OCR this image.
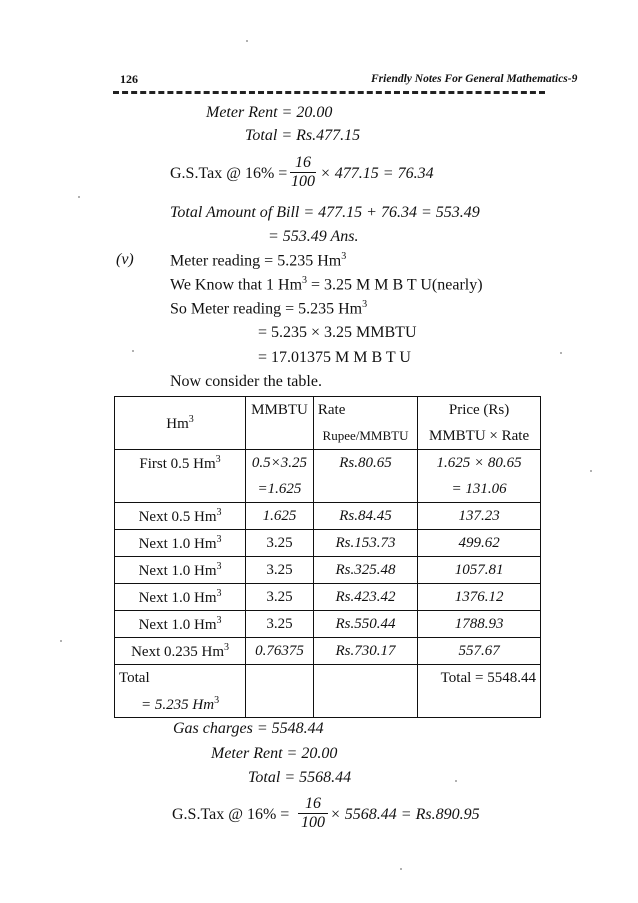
126	Friendly Notes For General Mathematics-9
Meter Rent = 20.00
Total = Rs.477.15
G.S.Tax @ $16\% = \frac{16}{100} \times 477.15 = 76.34$
Total Amount of Bill = 477.15 + 76.34 = 553.49
= 553.49 Ans.
(v) Meter reading = 5.235 Hm$^3$
We Know that 1 $Hm^3 = 3.25$ M M B T U(nearly)
So Meter reading = 5.235 $Hm^3$
= 5.235 × 3.25 MMBTU
= 17.01375 M M B T U
Now consider the table.
Hm$^3$	MMBTU	Rate	Price (Rs)
		Rupee/MMBTU	MMBTU × Rate
First 0.5 Hm$^3$	0.5×3.25	Rs.80.65	1.625 × 80.65
	=1.625		= 131.06
Next 0.5 Hm$^3$	1.625	Rs.84.45	137.23
Next 1.0 Hm$^3$	3.25	Rs.153.73	499.62
Next 1.0 Hm$^3$	3.25	Rs.325.48	1057.81
Next 1.0 Hm$^3$	3.25	Rs.423.42	1376.12
Next 1.0 Hm$^3$	3.25	Rs.550.44	1788.93
Next 0.235 Hm$^3$	0.76375	Rs.730.17	557.67
Total			Total = 5548.44
= 5.235 Hm$^3$			
Gas charges = 5548.44
Meter Rent = 20.00
Total = 5568.44
G.S.Tax @ $16\% = \frac{16}{100} \times 5568.44 = Rs.890.95$
